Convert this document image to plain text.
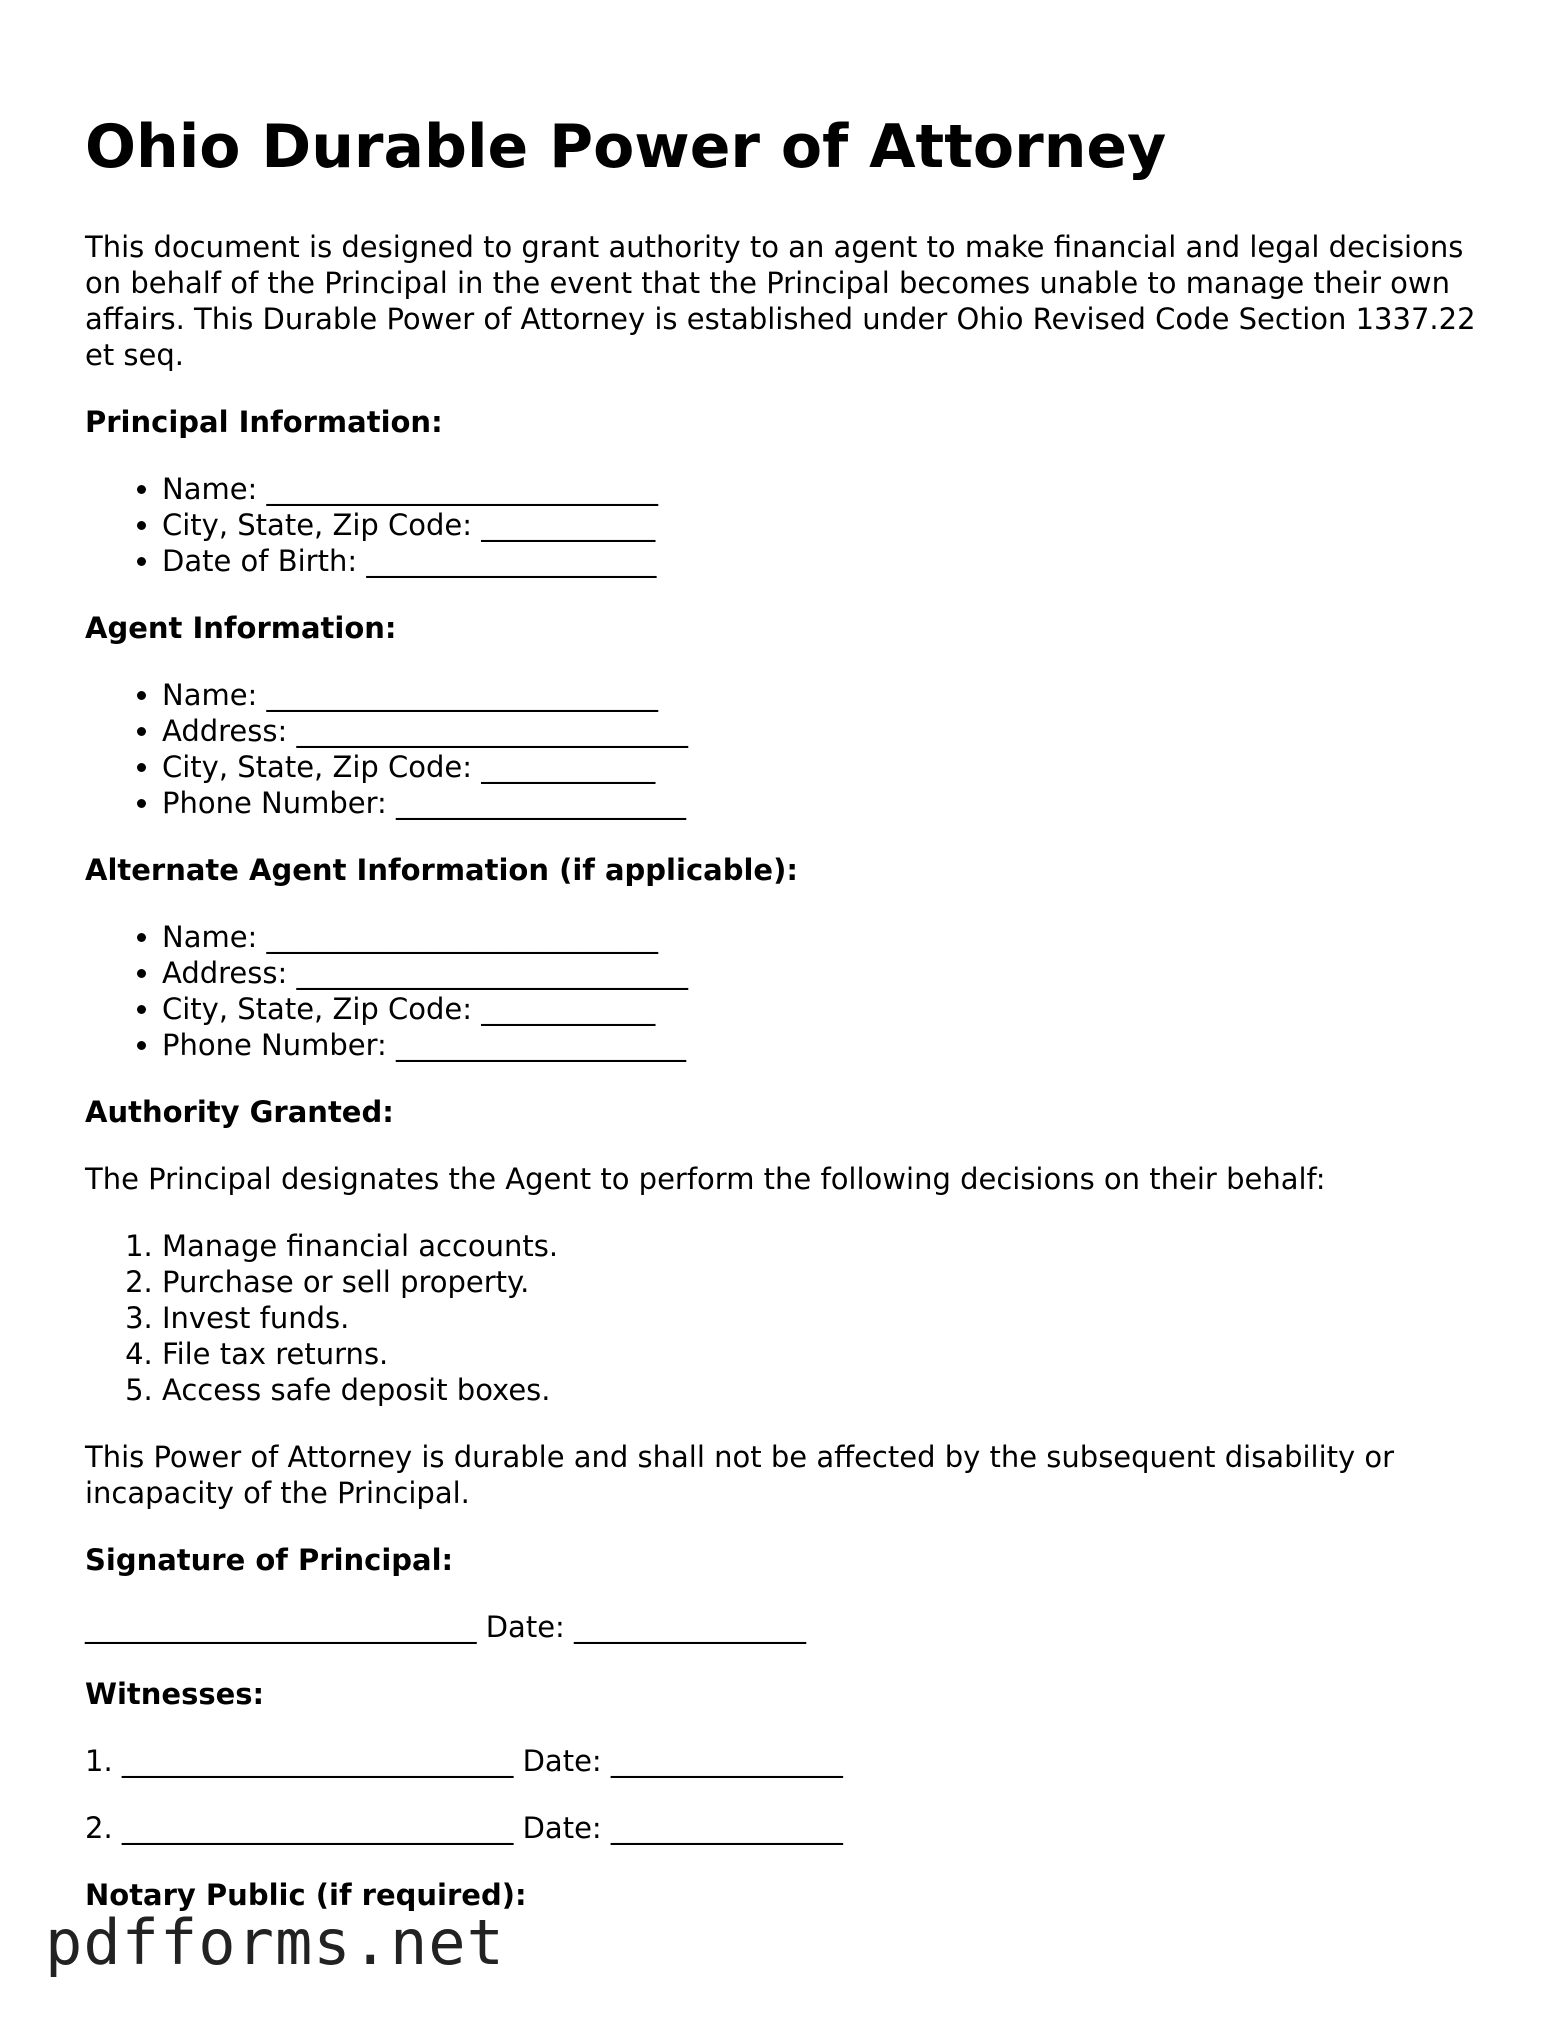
Ohio Durable Power of Attorney

This document is designed to grant authority to an agent to make financial and legal decisions on behalf of the Principal in the event that the Principal becomes unable to manage their own affairs. This Durable Power of Attorney is established under Ohio Revised Code Section 1337.22 et seq.

Principal Information:
• Name: ___________________________
• City, State, Zip Code: ____________
• Date of Birth: ____________________
Agent Information:
• Name: ___________________________
• Address: ___________________________
• City, State, Zip Code: ____________
• Phone Number: ____________________
Alternate Agent Information (if applicable):
• Name: ___________________________
• Address: ___________________________
• City, State, Zip Code: ____________
• Phone Number: ____________________
Authority Granted:

The Principal designates the Agent to perform the following decisions on their behalf:

1. Manage financial accounts.
2. Purchase or sell property.
3. Invest funds.
4. File tax returns.
5. Access safe deposit boxes.

This Power of Attorney is durable and shall not be affected by the subsequent disability or incapacity of the Principal.

Signature of Principal:
___________________________ Date: ________________
Witnesses:
1. ___________________________ Date: ________________
2. ___________________________ Date: ________________
Notary Public (if required):
pdfforms.net
